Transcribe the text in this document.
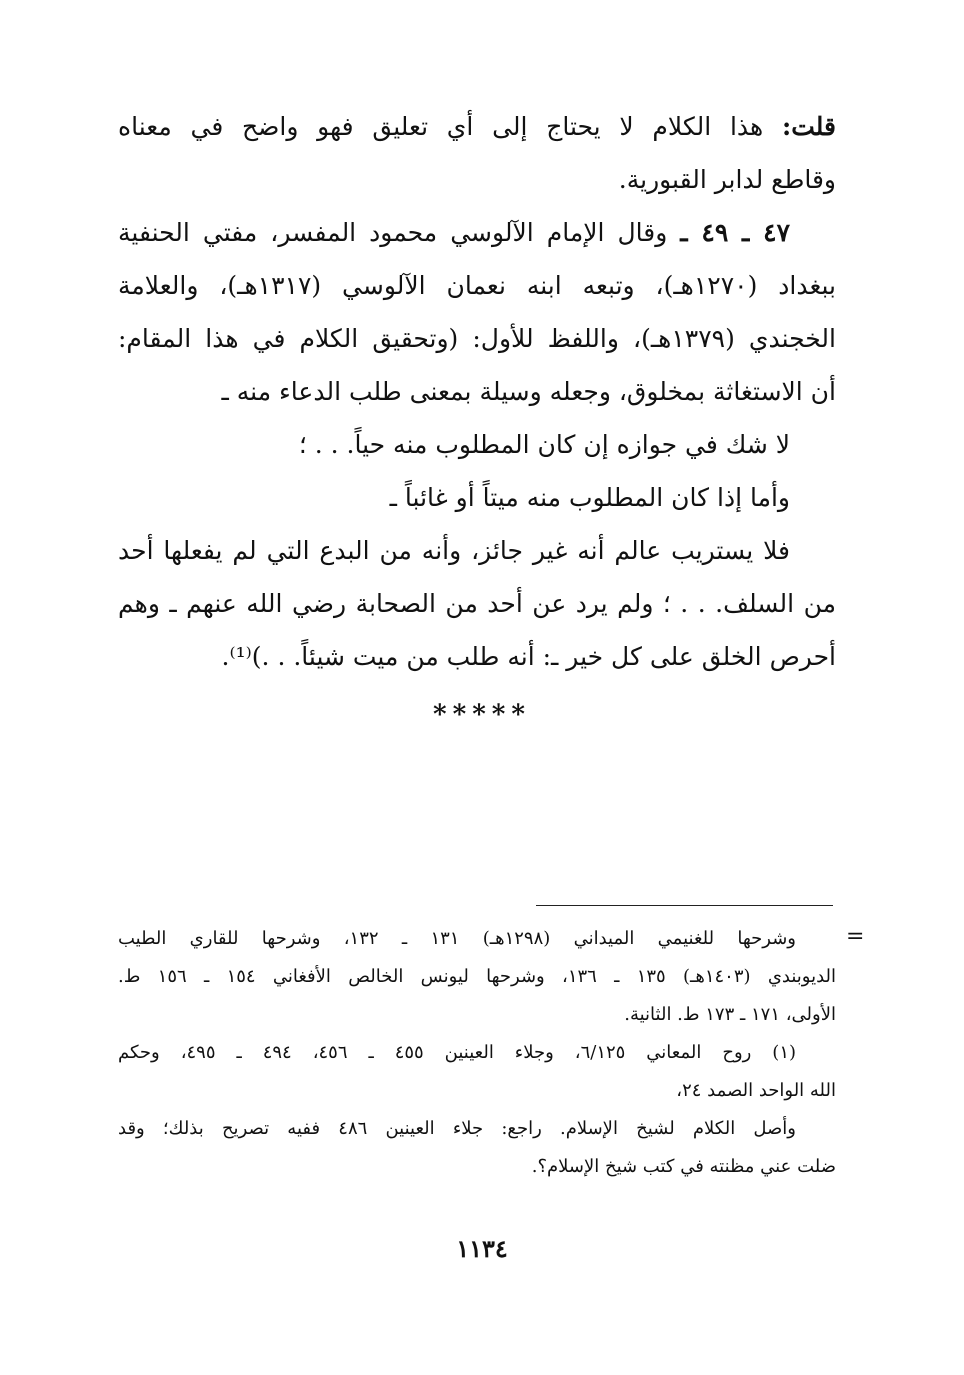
قلت: هذا الكلام لا يحتاج إلى أي تعليق فهو واضح في معناه
وقاطع لدابر القبورية.
٤٧ ـ ٤٩ ـ وقال الإمام الآلوسي محمود المفسر، مفتي الحنفية
ببغداد (١٢٧٠هـ)، وتبعه ابنه نعمان الآلوسي (١٣١٧هـ)، والعلامة
الخجندي (١٣٧٩هـ)، واللفظ للأول: (وتحقيق الكلام في هذا المقام:
أن الاستغاثة بمخلوق، وجعله وسيلة بمعنى طلب الدعاء منه ـ
لا شك في جوازه إن كان المطلوب منه حياً. . . ؛
وأما إذا كان المطلوب منه ميتاً أو غائباً ـ
فلا يستريب عالم أنه غير جائز، وأنه من البدع التي لم يفعلها أحد
من السلف. . . ؛ ولم يرد عن أحد من الصحابة رضي الله عنهم ـ وهم
أحرص الخلق على كل خير ـ: أنه طلب من ميت شيئاً. . .)⁽¹⁾.
*****
=
وشرحها للغنيمي الميداني (١٢٩٨هـ) ١٣١ ـ ١٣٢، وشرحها للقاري الطيب
الديوبندي (١٤٠٣هـ) ١٣٥ ـ ١٣٦، وشرحها ليونس الخالص الأفغاني ١٥٤ ـ ١٥٦ ط.
الأولى، ١٧١ ـ ١٧٣ ط. الثانية.
(١) روح المعاني ٦/١٢٥، وجلاء العينين ٤٥٥ ـ ٤٥٦، ٤٩٤ ـ ٤٩٥، وحكم
الله الواحد الصمد ٢٤،
وأصل الكلام لشيخ الإسلام. راجع: جلاء العينين ٤٨٦ ففيه تصريح بذلك؛ وقد
ضلت عني مظنته في كتب شيخ الإسلام؟.
١١٣٤
